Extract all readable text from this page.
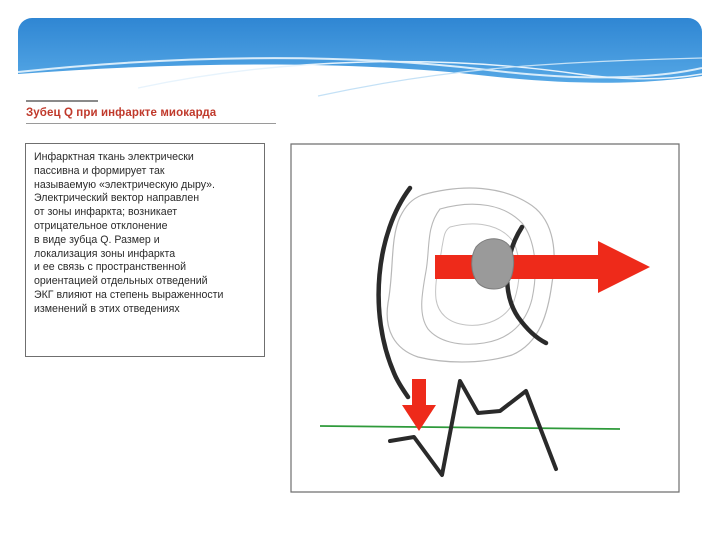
Зубец Q при инфаркте миокарда
Инфарктная ткань электрически
пассивна и формирует так
называемую «электрическую дыру».
Электрический вектор направлен
от зоны инфаркта; возникает
отрицательное отклонение
в виде зубца Q. Размер и
локализация зоны инфаркта
и ее связь с пространственной
ориентацией отдельных отведений
ЭКГ влияют на степень выраженности
изменений в этих отведениях
